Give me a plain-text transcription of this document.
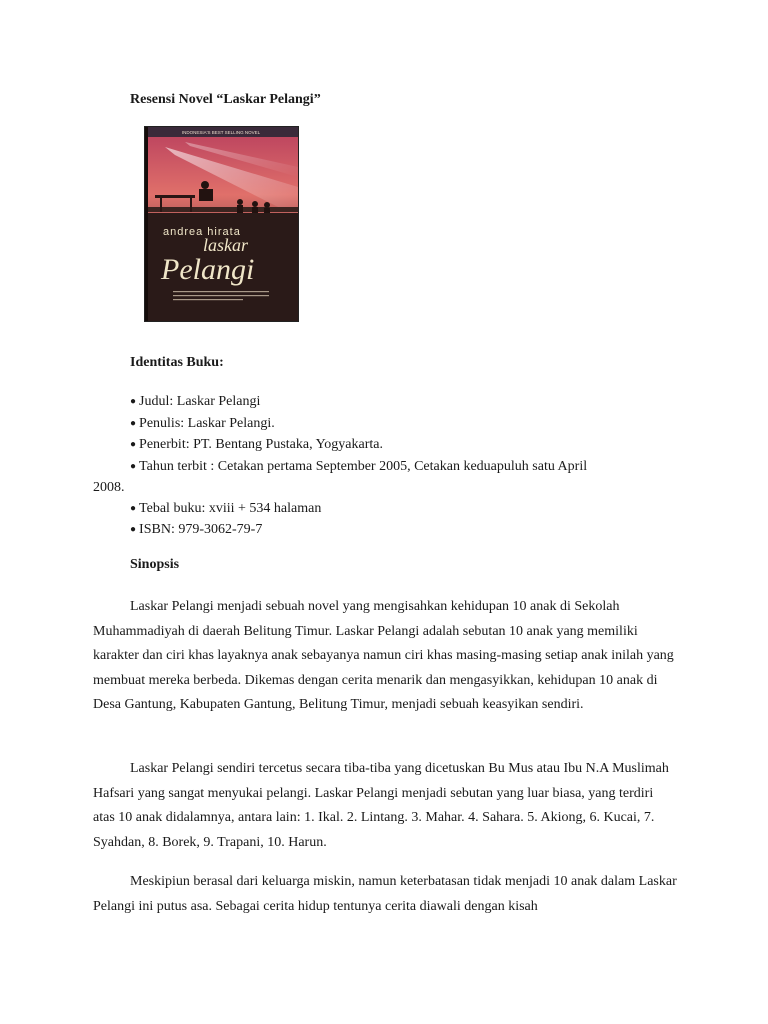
Resensi Novel “Laskar Pelangi”
INDONESIA'S BEST SELLING NOVEL
andrea hirata
laskar
Pelangi
Identitas Buku:
● Judul: Laskar Pelangi
● Penulis: Laskar Pelangi.
● Penerbit: PT. Bentang Pustaka, Yogyakarta.
● Tahun terbit : Cetakan pertama September 2005, Cetakan keduapuluh satu April
2008.
● Tebal buku: xviii + 534 halaman
● ISBN: 979-3062-79-7
Sinopsis
Laskar Pelangi menjadi sebuah novel yang mengisahkan kehidupan 10 anak di Sekolah Muhammadiyah di daerah Belitung Timur. Laskar Pelangi adalah sebutan 10 anak yang memiliki karakter dan ciri khas layaknya anak sebayanya namun ciri khas masing-masing setiap anak inilah yang membuat mereka berbeda. Dikemas dengan cerita menarik dan mengasyikkan, kehidupan 10 anak di Desa Gantung, Kabupaten Gantung, Belitung Timur, menjadi sebuah keasyikan sendiri.
Laskar Pelangi sendiri tercetus secara tiba-tiba yang dicetuskan Bu Mus atau Ibu N.A Muslimah Hafsari yang sangat menyukai pelangi. Laskar Pelangi menjadi sebutan yang luar biasa, yang terdiri atas 10 anak didalamnya, antara lain: 1. Ikal. 2. Lintang. 3. Mahar. 4. Sahara. 5. Akiong, 6. Kucai, 7. Syahdan, 8. Borek, 9. Trapani, 10. Harun.
Meskipiun berasal dari keluarga miskin, namun keterbatasan tidak menjadi 10 anak dalam Laskar Pelangi ini putus asa. Sebagai cerita hidup tentunya cerita diawali dengan kisah
